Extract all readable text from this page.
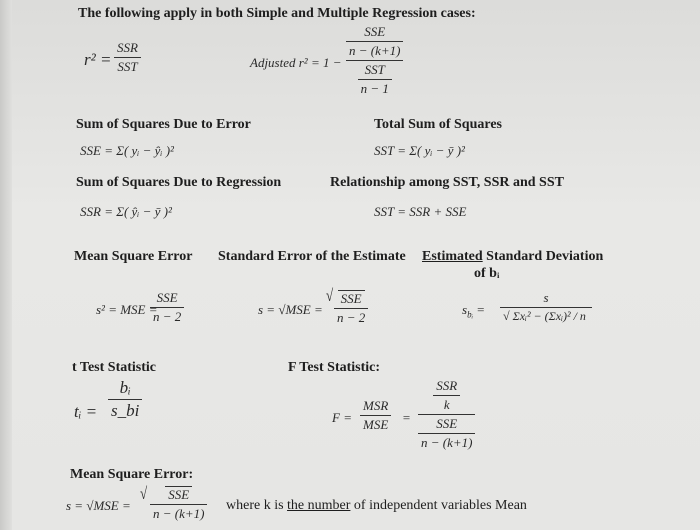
The following apply in both Simple and Multiple Regression cases:
r² =
SSR
SST	Adjusted r² = 1 −
$\frac{\text{SSE}}{n - (k+1)}$
$\frac{\text{SST}}{n - 1}$
Sum of Squares Due to Error
SSE = Σ( yᵢ − ŷᵢ )²
Total Sum of Squares
SST = Σ( yᵢ − ȳ )²
Sum of Squares Due to Regression
SSR = Σ( ŷᵢ − ȳ )²
Relationship among SST, SSR and SST
SST = SSR + SSE
Mean Square Error Standard Error of the Estimate Estimated Standard Deviation
of bᵢ
s² = MSE =
SSE
n − 2	s = √MSE =
√ SSE
n − 2
$s_{bᵢ}$ =
s
√ Σxᵢ² − (Σxᵢ)² / n
t Test Statistic
tᵢ =
bᵢ
s_bi
F Test Statistic:
F =
MSR
MSE =
$\frac{\text{SSR}}{k}$
$\frac{\text{SSE}}{n - (k+1)}$
Mean Square Error:
s = √MSE =
√ SSE
n − (k+1)
where k is the number of independent variables Mean
